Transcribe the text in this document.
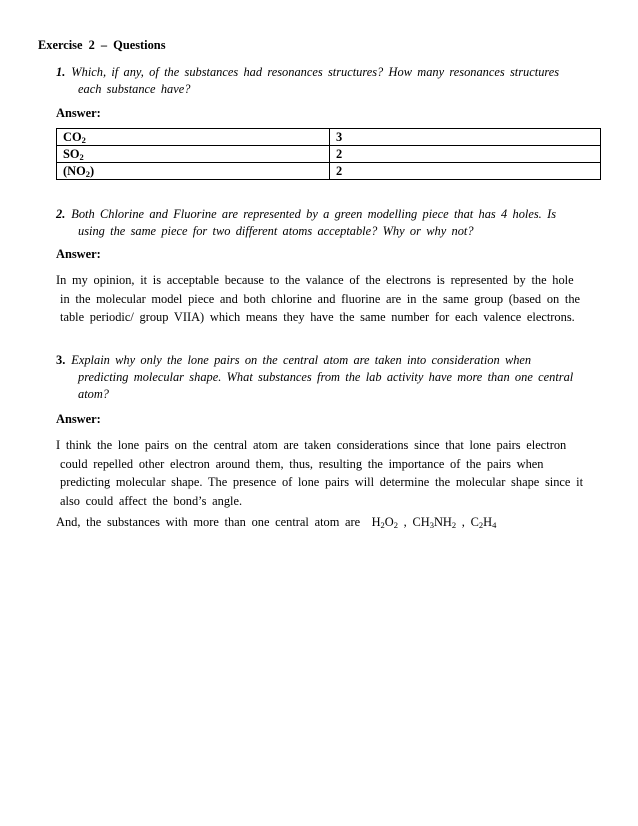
Exercise 2 – Questions
1. Which, if any, of the substances had resonances structures? How many resonances structures
each substance have?
Answer:
$CO_2$	3
$SO_2$	2
$(NO_2)$	2
2. Both Chlorine and Fluorine are represented by a green modelling piece that has 4 holes. Is
using the same piece for two different atoms acceptable? Why or why not?
Answer:
In my opinion, it is acceptable because to the valance of the electrons is represented by the hole
in the molecular model piece and both chlorine and fluorine are in the same group (based on the
table periodic/ group VIIA) which means they have the same number for each valence electrons.
3. Explain why only the lone pairs on the central atom are taken into consideration when
predicting molecular shape. What substances from the lab activity have more than one central
atom?
Answer:
I think the lone pairs on the central atom are taken considerations since that lone pairs electron
could repelled other electron around them, thus, resulting the importance of the pairs when
predicting molecular shape. The presence of lone pairs will determine the molecular shape since it
also could affect the bond’s angle.
And, the substances with more than one central atom are $H_2O_2$ , $CH_3NH_2$ , $C_2H_4$
